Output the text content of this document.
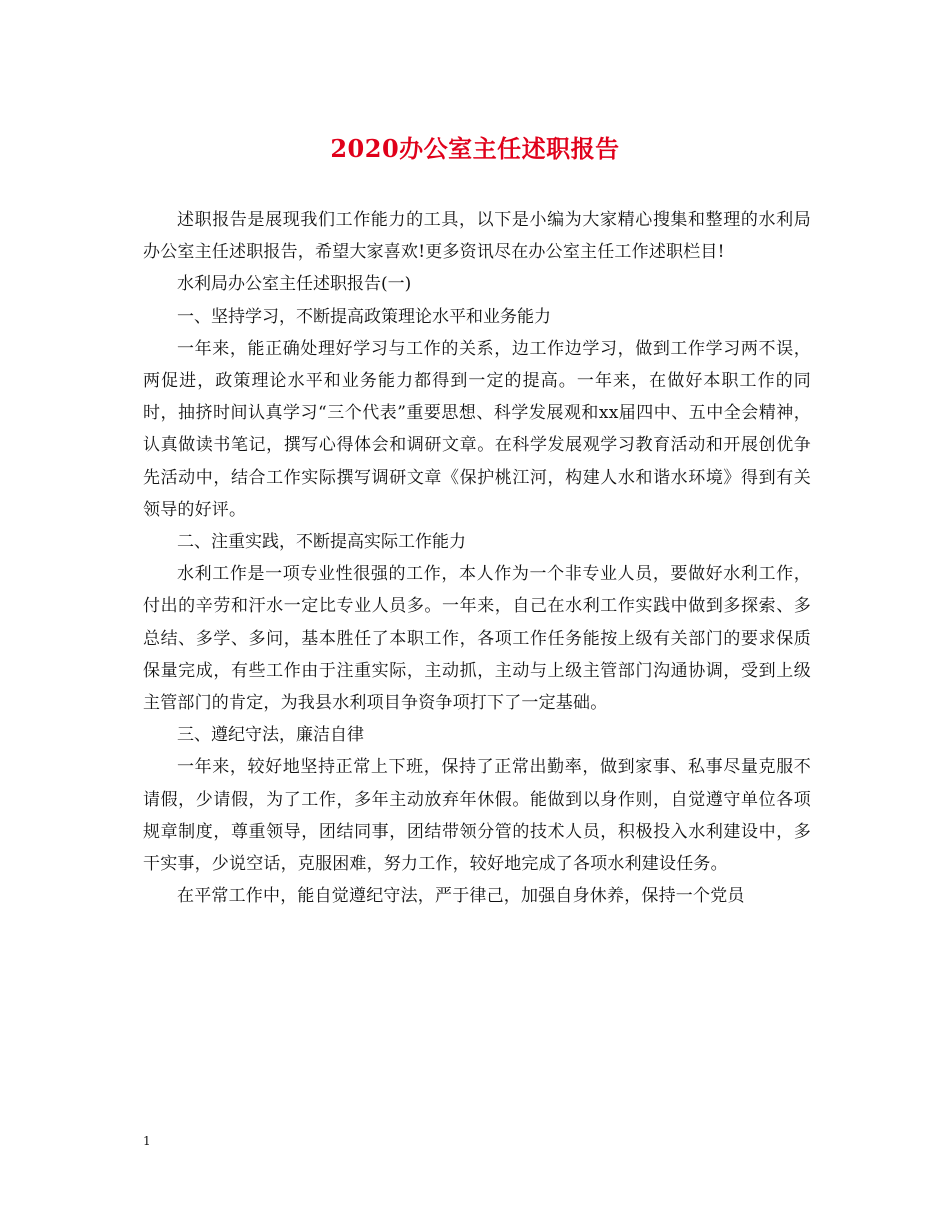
2020办公室主任述职报告

述职报告是展现我们工作能力的工具，以下是小编为大家精心搜集和整理的水利局办公室主任述职报告，希望大家喜欢!更多资讯尽在办公室主任工作述职栏目!

水利局办公室主任述职报告(一)

一、坚持学习，不断提高政策理论水平和业务能力

一年来，能正确处理好学习与工作的关系，边工作边学习，做到工作学习两不误，两促进，政策理论水平和业务能力都得到一定的提高。一年来，在做好本职工作的同时，抽挤时间认真学习“三个代表”重要思想、科学发展观和xx届四中、五中全会精神，认真做读书笔记，撰写心得体会和调研文章。在科学发展观学习教育活动和开展创优争先活动中，结合工作实际撰写调研文章《保护桃江河，构建人水和谐水环境》得到有关领导的好评。

二、注重实践，不断提高实际工作能力

水利工作是一项专业性很强的工作，本人作为一个非专业人员，要做好水利工作，付出的辛劳和汗水一定比专业人员多。一年来，自己在水利工作实践中做到多探索、多总结、多学、多问，基本胜任了本职工作，各项工作任务能按上级有关部门的要求保质保量完成，有些工作由于注重实际，主动抓，主动与上级主管部门沟通协调，受到上级主管部门的肯定，为我县水利项目争资争项打下了一定基础。

三、遵纪守法，廉洁自律

一年来，较好地坚持正常上下班，保持了正常出勤率，做到家事、私事尽量克服不请假，少请假，为了工作，多年主动放弃年休假。能做到以身作则，自觉遵守单位各项规章制度，尊重领导，团结同事，团结带领分管的技术人员，积极投入水利建设中，多干实事，少说空话，克服困难，努力工作，较好地完成了各项水利建设任务。

在平常工作中，能自觉遵纪守法，严于律己，加强自身休养，保持一个党员

1
